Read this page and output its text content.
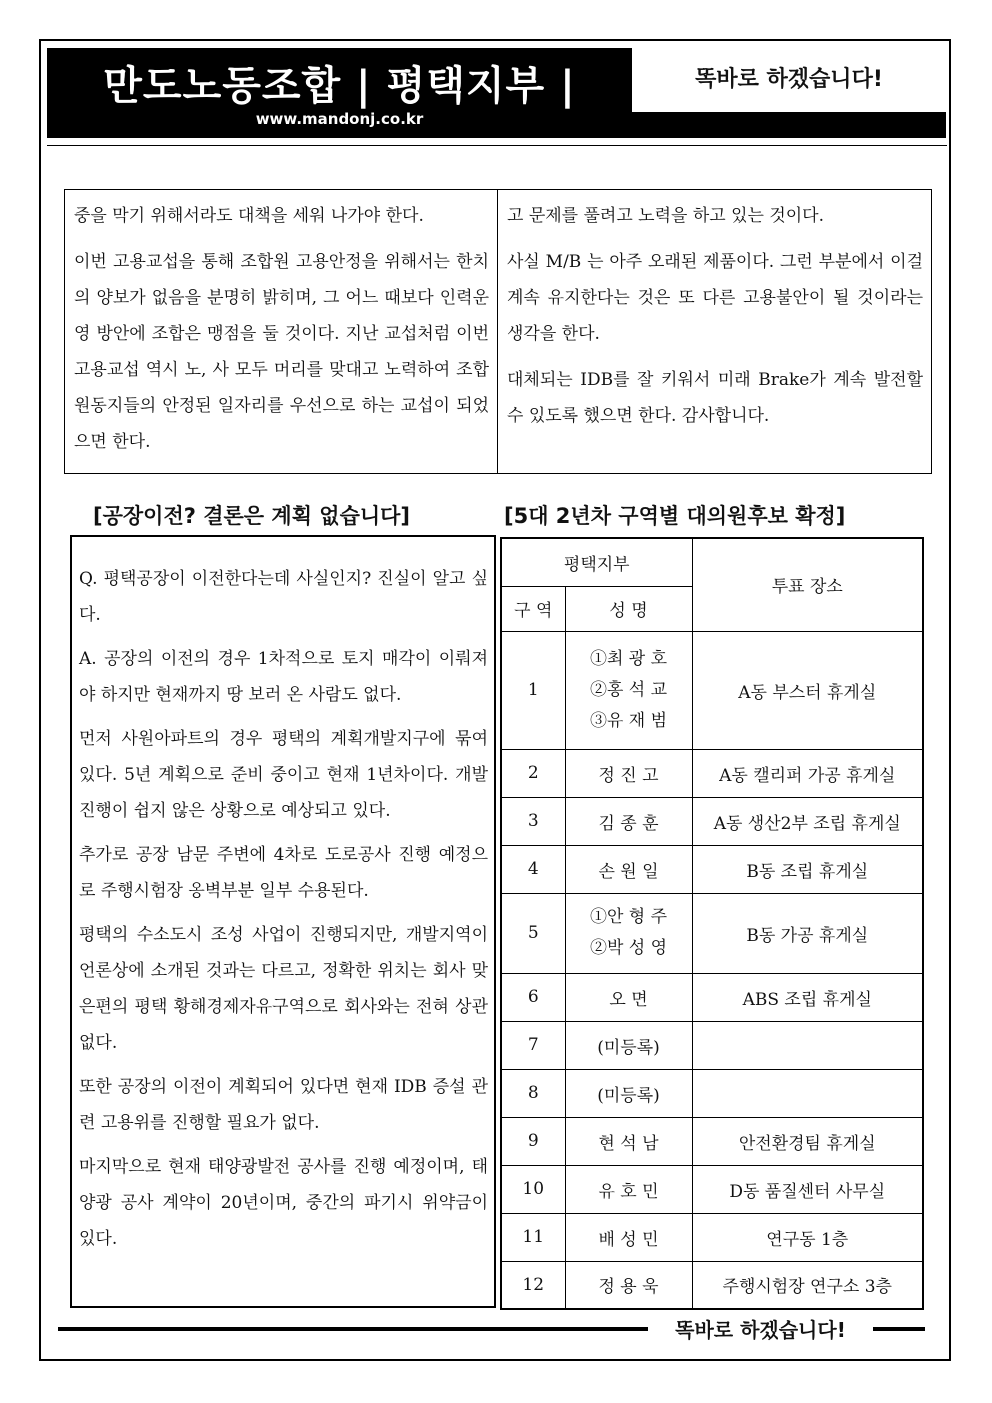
만도노동조합 | 평택지부 |
www.mandonj.co.kr
똑바로 하겠습니다!

중을 막기 위해서라도 대책을 세워 나가야 한다.

이번 고용교섭을 통해 조합원 고용안정을 위해서는 한치의 양보가 없음을 분명히 밝히며, 그 어느 때보다 인력운영 방안에 조합은 맹점을 둘 것이다. 지난 교섭처럼 이번 고용교섭 역시 노, 사 모두 머리를 맞대고 노력하여 조합원동지들의 안정된 일자리를 우선으로 하는 교섭이 되었으면 한다.

고 문제를 풀려고 노력을 하고 있는 것이다.

사실 M/B 는 아주 오래된 제품이다. 그런 부분에서 이걸 계속 유지한다는 것은 또 다른 고용불안이 될 것이라는 생각을 한다.

대체되는 IDB를 잘 키워서 미래 Brake가 계속 발전할 수 있도록 했으면 한다. 감사합니다.

[공장이전? 결론은 계획 없습니다]	[5대 2년차 구역별 대의원후보 확정]

Q. 평택공장이 이전한다는데 사실인지? 진실이 알고 싶다.

A. 공장의 이전의 경우 1차적으로 토지 매각이 이뤄져야 하지만 현재까지 땅 보러 온 사람도 없다.

먼저 사원아파트의 경우 평택의 계획개발지구에 묶여 있다. 5년 계획으로 준비 중이고 현재 1년차이다. 개발 진행이 쉽지 않은 상황으로 예상되고 있다.

추가로 공장 남문 주변에 4차로 도로공사 진행 예정으로 주행시험장 옹벽부분 일부 수용된다.

평택의 수소도시 조성 사업이 진행되지만, 개발지역이 언론상에 소개된 것과는 다르고, 정확한 위치는 회사 맞은편의 평택 황해경제자유구역으로 회사와는 전혀 상관없다.

또한 공장의 이전이 계획되어 있다면 현재 IDB 증설 관련 고용위를 진행할 필요가 없다.

마지막으로 현재 태양광발전 공사를 진행 예정이며, 태양광 공사 계약이 20년이며, 중간의 파기시 위약금이 있다.

평택지부		투표 장소
구 역	성 명	
1	①최 광 호
②홍 석 교
③유 재 범	A동 부스터 휴게실
2	정 진 고	A동 캘리퍼 가공 휴게실
3	김 종 훈	A동 생산2부 조립 휴게실
4	손 원 일	B동 조립 휴게실
5	①안 형 주
②박 성 영	B동 가공 휴게실
6	오 면	ABS 조립 휴게실
7	(미등록)	
8	(미등록)	
9	현 석 남	안전환경팀 휴게실
10	유 호 민	D동 품질센터 사무실
11	배 성 민	연구동 1층
12	정 용 욱	주행시험장 연구소 3층
똑바로 하겠습니다!
